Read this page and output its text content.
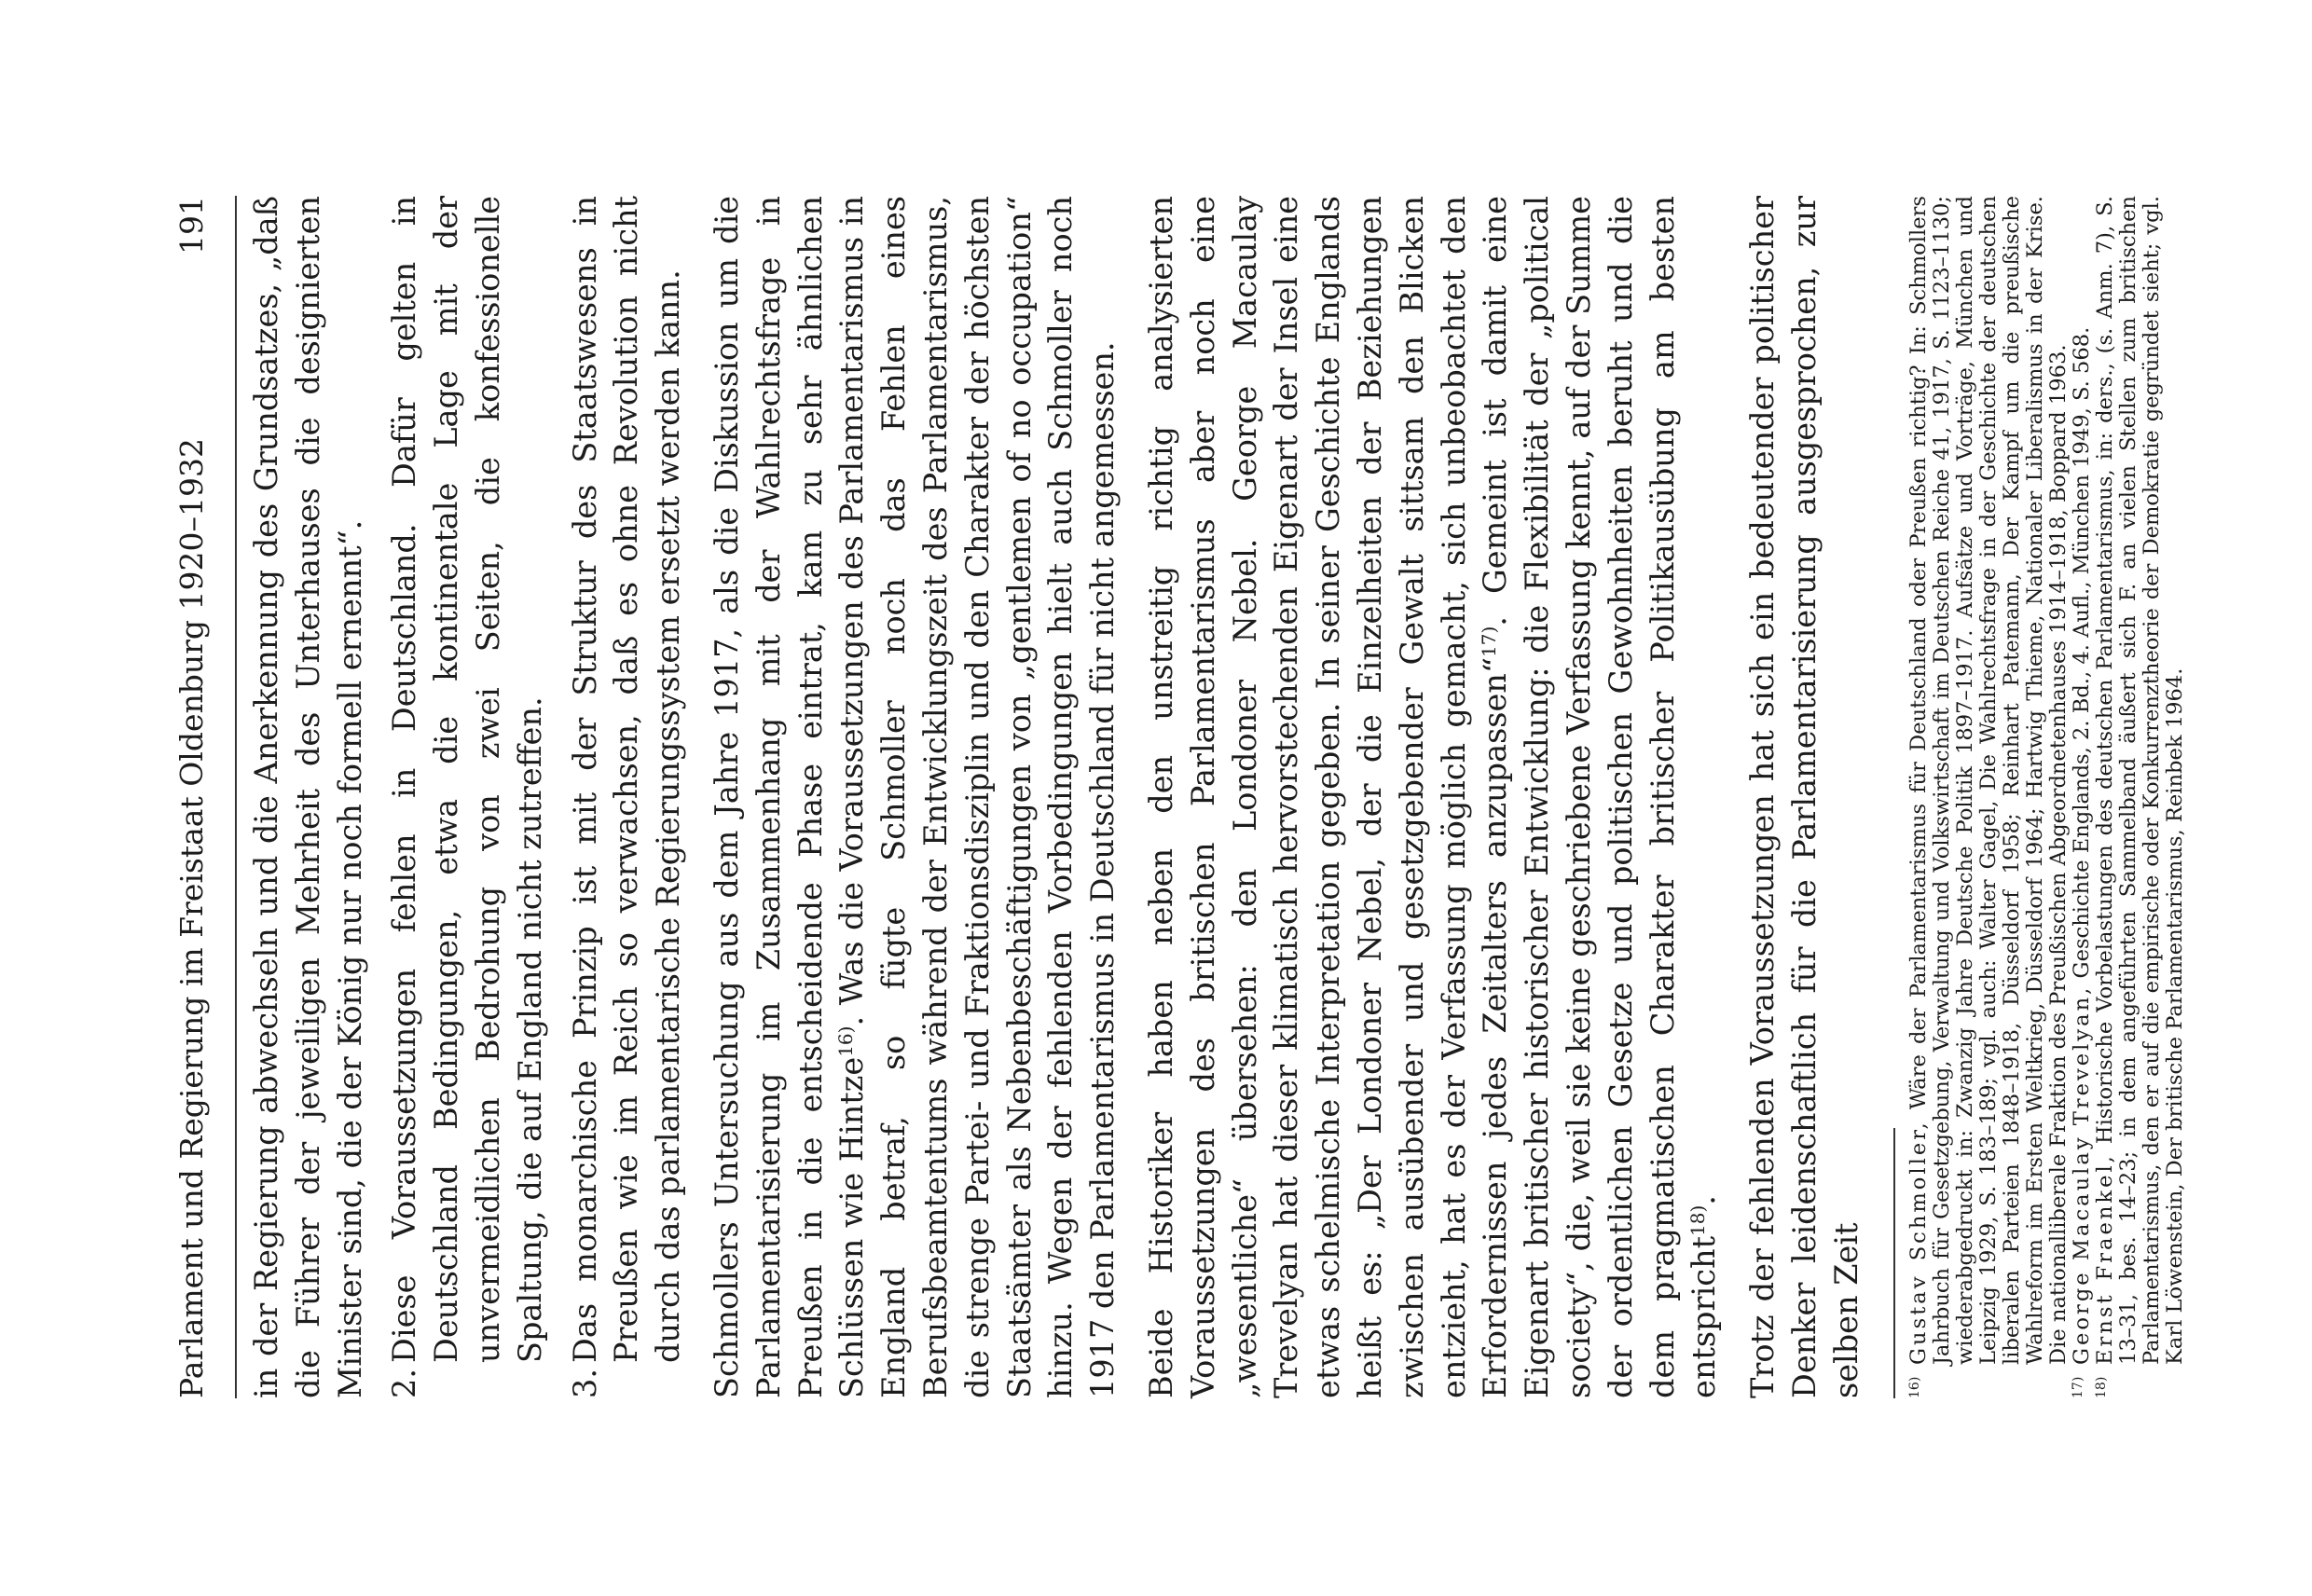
Parlament und Regierung im Freistaat Oldenburg 1920–1932
191	in der Regierung abwechseln und die Anerkennung des Grundsatzes, „daß die Führer der jeweiligen Mehrheit des Unterhauses die designierten Minister sind, die der König nur noch formell ernennt“. 2.
Diese Voraussetzungen fehlen in Deutschland. Dafür gelten in Deutschland Bedingungen, etwa die kontinentale Lage mit der unvermeidlichen Bedrohung von zwei Seiten, die konfessionelle Spaltung, die auf England nicht zutreffen.

3.
Das monarchische Prinzip ist mit der Struktur des Staatswesens in Preußen wie im Reich so verwachsen, daß es ohne Revolution nicht durch das parlamentarische Regierungssystem ersetzt werden kann. Schmollers Untersuchung aus dem Jahre 1917, als die Diskussion um die Parlamentarisierung im Zusammenhang mit der Wahlrechtsfrage in Preußen in die entscheidende Phase eintrat, kam zu sehr ähnlichen Schlüssen wie Hintze$^{16)}$. Was die Voraussetzungen des Parlamentarismus in England betraf, so fügte Schmoller noch das Fehlen eines Berufsbeamtentums während der Entwicklungszeit des Parlamentarismus, die strenge Partei- und Fraktionsdisziplin und den Charakter der höchsten Staatsämter als Nebenbeschäftigungen von „gentlemen of no occupation“ hinzu. Wegen der fehlenden Vorbedingungen hielt auch Schmoller noch 1917 den Parlamentarismus in Deutschland für nicht angemessen. Beide Historiker haben neben den unstreitig richtig analysierten Voraussetzungen des britischen Parlamentarismus aber noch eine „wesentliche“ übersehen: den Londoner Nebel. George Macaulay Trevelyan hat dieser klimatisch hervorstechenden Eigenart der Insel eine etwas schelmische Interpretation gegeben. In seiner Geschichte Englands heißt es: „Der Londoner Nebel, der die Einzelheiten der Beziehungen zwischen ausübender und gesetzgebender Gewalt sittsam den Blicken entzieht, hat es der Verfassung möglich gemacht, sich unbeobachtet den Erfordernissen jedes Zeitalters anzupassen“$^{17)}$. Gemeint ist damit eine Eigenart britischer historischer Entwicklung: die Flexibilität der „political society“, die, weil sie keine geschriebene Verfassung kennt, auf der Summe der ordentlichen Gesetze und politischen Gewohnheiten beruht und die dem pragmatischen Charakter britischer Politikausübung am besten entspricht$^{18)}$. Trotz der fehlenden Voraussetzungen hat sich ein bedeutender politischer Denker leidenschaftlich für die Parlamentarisierung ausgesprochen, zur selben Zeit	16)
Gustav Schmoller, Wäre der Parlamentarismus für Deutschland oder Preußen richtig? In: Schmollers Jahrbuch für Gesetzgebung, Verwaltung und Volkswirtschaft im Deutschen Reiche 41, 1917, S. 1123–1130; wiederabgedruckt in: Zwanzig Jahre Deutsche Politik 1897–1917. Aufsätze und Vorträge, München und Leipzig 1929, S. 183–189; vgl. auch: Walter Gagel, Die Wahlrechtsfrage in der Geschichte der deutschen liberalen Parteien 1848–1918, Düsseldorf 1958; Reinhart Patemann, Der Kampf um die preußische Wahlreform im Ersten Weltkrieg, Düsseldorf 1964; Hartwig Thieme, Nationaler Liberalismus in der Krise. Die nationalliberale Fraktion des Preußischen Abgeordnetenhauses 1914–1918, Boppard 1963.

17)
George Macaulay Trevelyan, Geschichte Englands, 2. Bd., 4. Aufl., München 1949, S. 568.

18)
Ernst Fraenkel, Historische Vorbelastungen des deutschen Parlamentarismus, in: ders., (s. Anm. 7), S. 13–31, bes. 14–23; in dem angeführten Sammelband äußert sich F. an vielen Stellen zum britischen Parlamentarismus, den er auf die empirische oder Konkurrenztheorie der Demokratie gegründet sieht; vgl. Karl Löwenstein, Der britische Parlamentarismus, Reinbek 1964.
